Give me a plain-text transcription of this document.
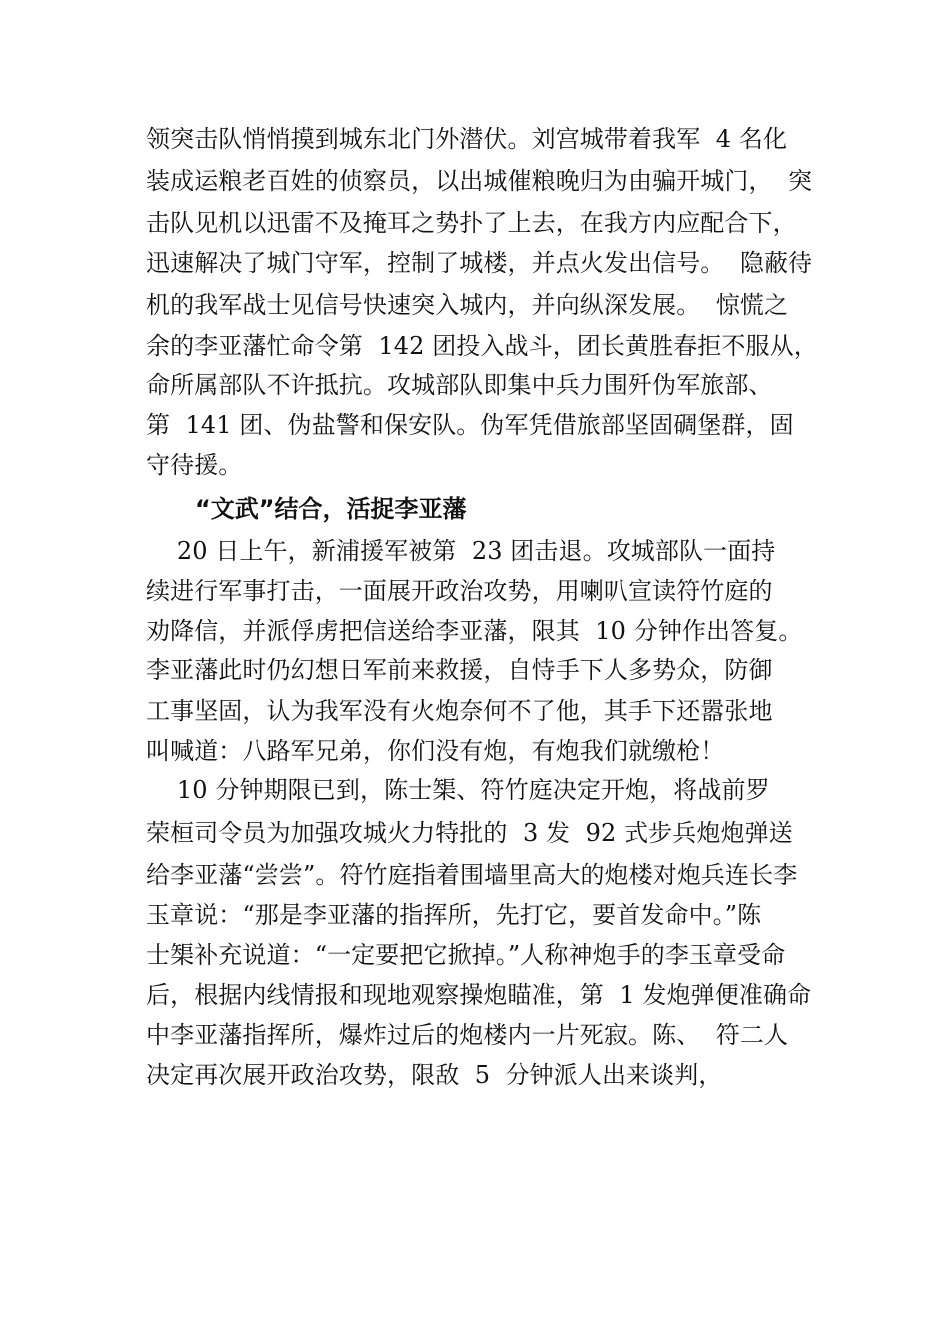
领突击队悄悄摸到城东北门外潜伏。刘宫城带着我军  4 名化
装成运粮老百姓的侦察员，以出城催粮晚归为由骗开城门，  突
击队见机以迅雷不及掩耳之势扑了上去，在我方内应配合下，
迅速解决了城门守军，控制了城楼，并点火发出信号。  隐蔽待
机的我军战士见信号快速突入城内，并向纵深发展。  惊慌之
余的李亚藩忙命令第  142 团投入战斗，团长黄胜春拒不服从，
命所属部队不许抵抗。攻城部队即集中兵力围歼伪军旅部、
第  141 团、伪盐警和保安队。伪军凭借旅部坚固碉堡群，固
守待援。
“文武”结合，活捉李亚藩
20 日上午，新浦援军被第  23 团击退。攻城部队一面持
续进行军事打击，一面展开政治攻势，用喇叭宣读符竹庭的
劝降信，并派俘虏把信送给李亚藩，限其  10 分钟作出答复。
李亚藩此时仍幻想日军前来救援，自恃手下人多势众，防御
工事坚固，认为我军没有火炮奈何不了他，其手下还嚣张地
叫喊道：八路军兄弟，你们没有炮，有炮我们就缴枪！
10 分钟期限已到，陈士榘、符竹庭决定开炮，将战前罗
荣桓司令员为加强攻城火力特批的  3 发  92 式步兵炮炮弹送
给李亚藩“尝尝”。符竹庭指着围墙里高大的炮楼对炮兵连长李
玉章说：“那是李亚藩的指挥所，先打它，要首发命中。”陈
士榘补充说道：“一定要把它掀掉。”人称神炮手的李玉章受命
后，根据内线情报和现地观察操炮瞄准，第  1 发炮弹便准确命
中李亚藩指挥所，爆炸过后的炮楼内一片死寂。陈、  符二人
决定再次展开政治攻势，限敌  5  分钟派人出来谈判，
